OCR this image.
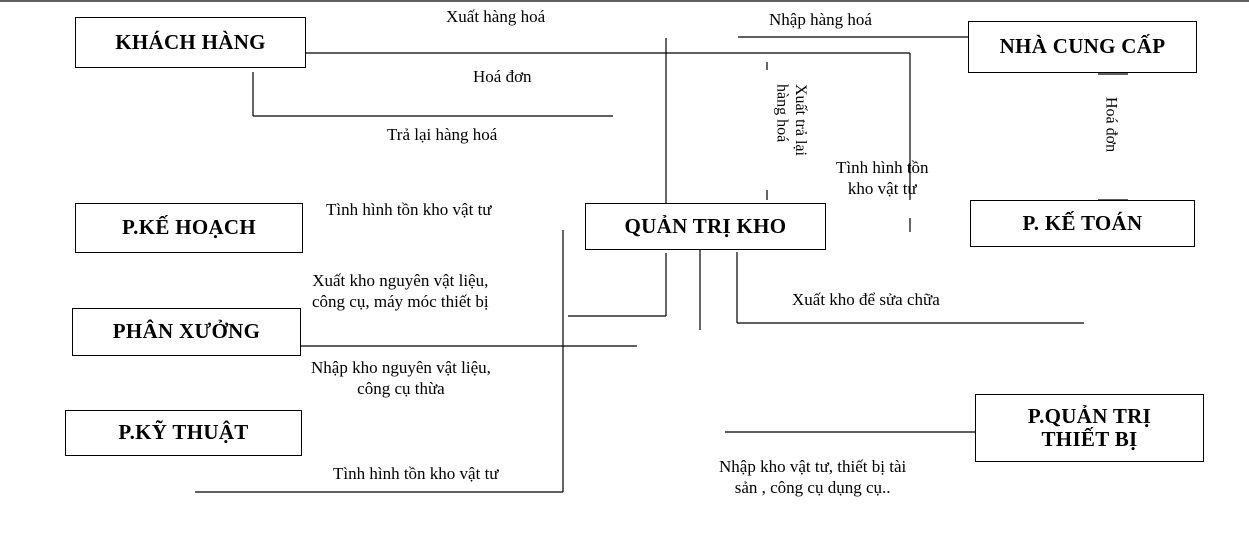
KHÁCH HÀNG	NHÀ CUNG CẤP
P.KẾ HOẠCH	QUẢN TRỊ KHO	P. KẾ TOÁN
PHÂN XƯỞNG
P.KỸ THUẬT
P.QUẢN TRỊ
THIẾT BỊ
Xuất hàng hoá	Nhập hàng hoá
Hoá đơn
Trả lại hàng hoá	Xuất trả lại
hàng hoá	Hoá đơn
Tình hình tồn
kho vật tư
Tình hình tồn kho vật tư
Xuất kho nguyên vật liệu,
công cụ, máy móc thiết bị	Xuất kho để sửa chữa
Nhập kho nguyên vật liệu,
công cụ thừa
Nhập kho vật tư, thiết bị tài
sản , công cụ dụng cụ..
Tình hình tồn kho vật tư
